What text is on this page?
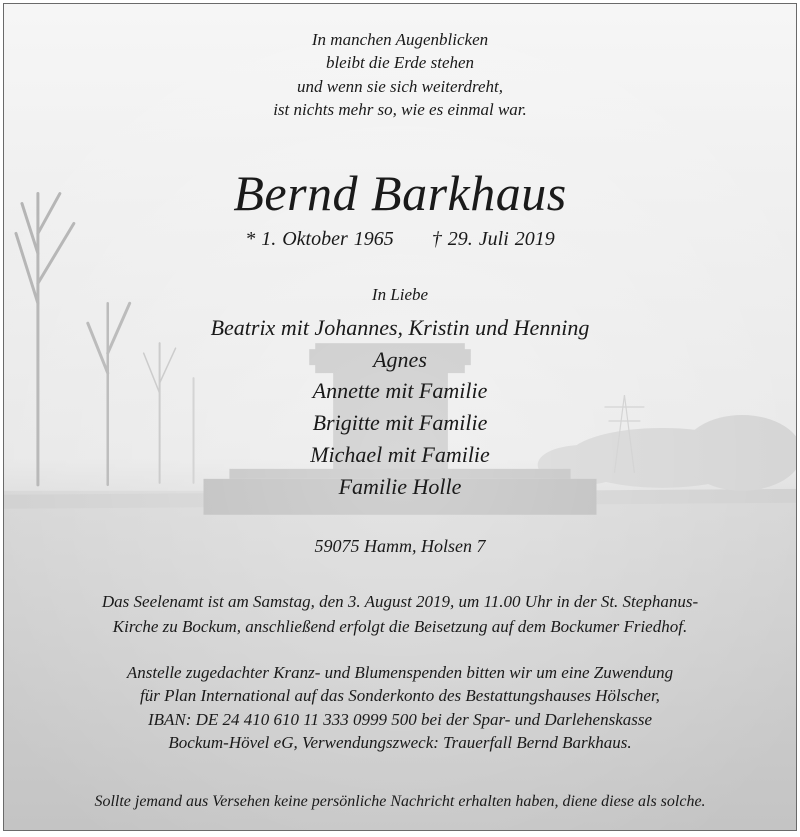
In manchen Augenblicken
bleibt die Erde stehen
und wenn sie sich weiterdreht,
ist nichts mehr so, wie es einmal war.
Bernd Barkhaus
* 1. Oktober 1965 † 29. Juli 2019
In Liebe
Beatrix mit Johannes, Kristin und Henning
Agnes
Annette mit Familie
Brigitte mit Familie
Michael mit Familie
Familie Holle
59075 Hamm, Holsen 7
Das Seelenamt ist am Samstag, den 3. August 2019, um 11.00 Uhr in der St. Stephanus-
Kirche zu Bockum, anschließend erfolgt die Beisetzung auf dem Bockumer Friedhof.
Anstelle zugedachter Kranz- und Blumenspenden bitten wir um eine Zuwendung
für Plan International auf das Sonderkonto des Bestattungshauses Hölscher,
IBAN: DE 24 410 610 11 333 0999 500 bei der Spar- und Darlehenskasse
Bockum-Hövel eG, Verwendungszweck: Trauerfall Bernd Barkhaus.
Sollte jemand aus Versehen keine persönliche Nachricht erhalten haben, diene diese als solche.
